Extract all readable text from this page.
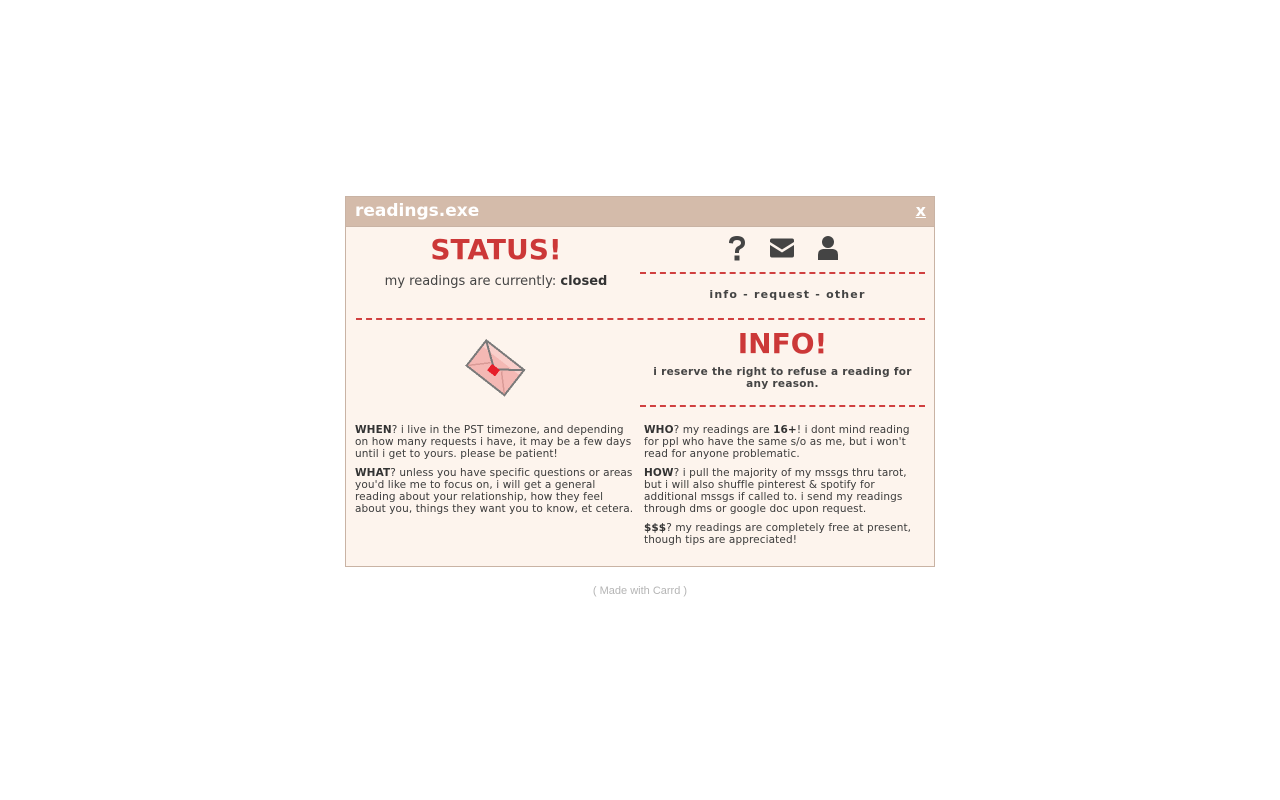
readings.exe	x
STATUS!
my readings are currently: closed
info - request - other
INFO!
i reserve the right to refuse a reading for any reason.

WHEN? i live in the PST timezone, and depending on how many requests i have, it may be a few days until i get to yours. please be patient!

WHAT? unless you have specific questions or areas you'd like me to focus on, i will get a general reading about your relationship, how they feel about you, things they want you to know, et cetera.

WHO? my readings are 16+! i dont mind reading for ppl who have the same s/o as me, but i won't read for anyone problematic.

HOW? i pull the majority of my mssgs thru tarot, but i will also shuffle pinterest & spotify for additional mssgs if called to. i send my readings through dms or google doc upon request.

$$$? my readings are completely free at present, though tips are appreciated!

( Made with Carrd )
